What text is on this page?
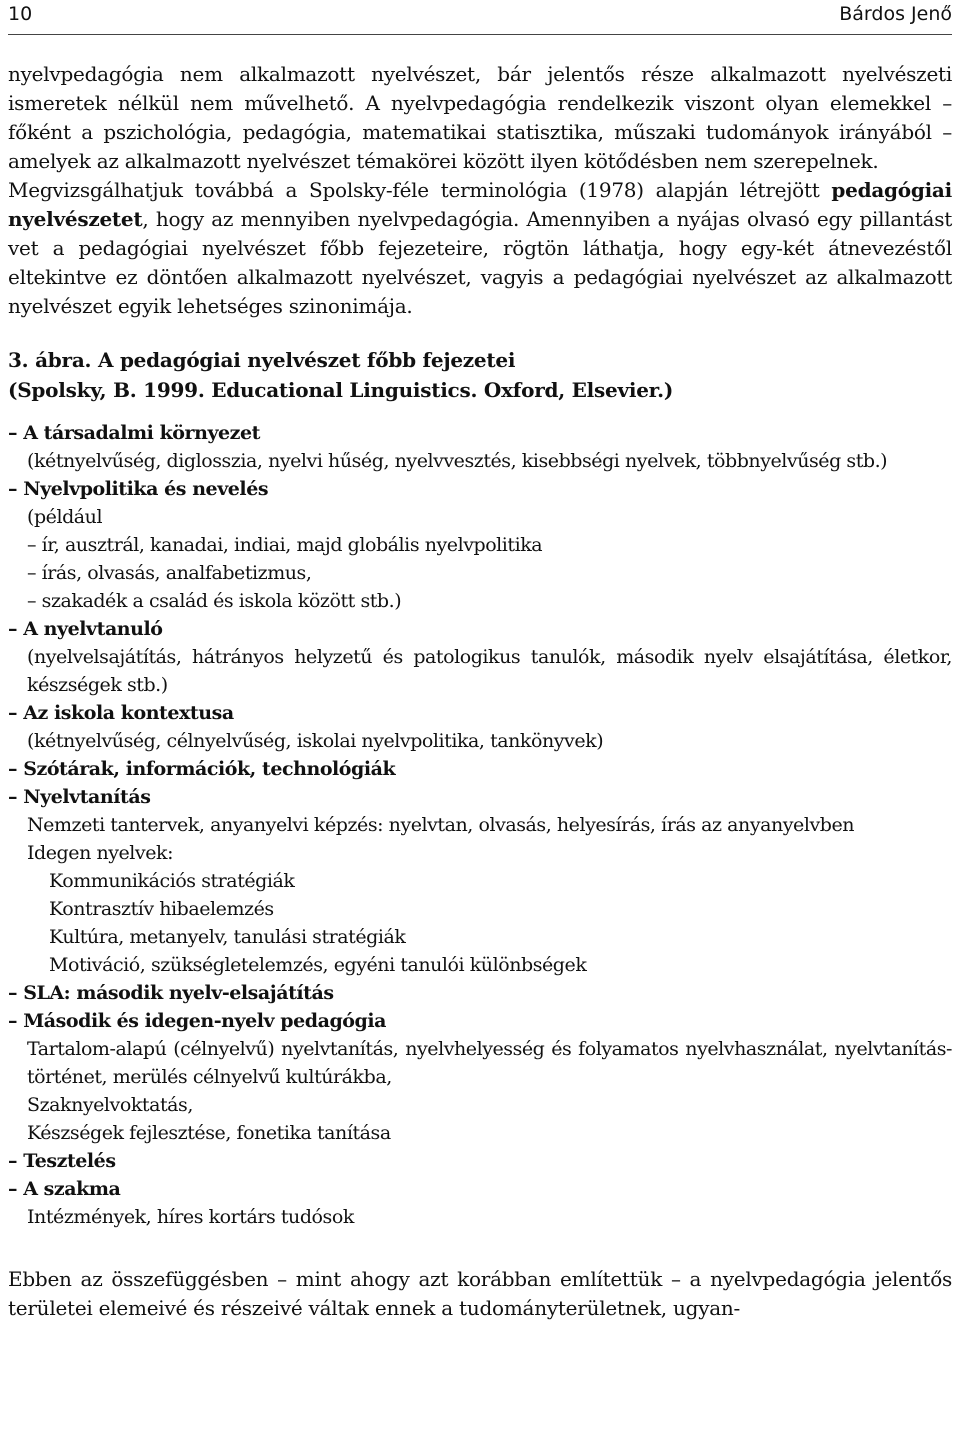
10	Bárdos Jenő

nyelvpedagógia nem alkalmazott nyelvészet, bár jelentős része alkalmazott nyelvészeti ismeretek nélkül nem művelhető. A nyelvpedagógia rendelkezik viszont olyan elemekkel – főként a pszichológia, pedagógia, matematikai statisztika, műszaki tudományok irányából – amelyek az alkalmazott nyelvészet témakörei között ilyen kötődésben nem szerepelnek.

Megvizsgálhatjuk továbbá a Spolsky-féle terminológia (1978) alapján létrejött pedagógiai nyelvészetet, hogy az mennyiben nyelvpedagógia. Amennyiben a nyájas olvasó egy pillantást vet a pedagógiai nyelvészet főbb fejezeteire, rögtön láthatja, hogy egy-két átnevezéstől eltekintve ez döntően alkalmazott nyelvészet, vagyis a pedagógiai nyelvészet az alkalmazott nyelvészet egyik lehetséges szinonimája.

3. ábra. A pedagógiai nyelvészet főbb fejezetei
(Spolsky, B. 1999. Educational Linguistics. Oxford, Elsevier.)
– A társadalmi környezet
(kétnyelvűség, diglosszia, nyelvi hűség, nyelvvesztés, kisebbségi nyelvek, többnyelvűség stb.)
– Nyelvpolitika és nevelés
(például
– ír, ausztrál, kanadai, indiai, majd globális nyelvpolitika
– írás, olvasás, analfabetizmus,
– szakadék a család és iskola között stb.)
– A nyelvtanuló
(nyelvelsajátítás, hátrányos helyzetű és patologikus tanulók, második nyelv elsajátítása, életkor, készségek stb.)
– Az iskola kontextusa
(kétnyelvűség, célnyelvűség, iskolai nyelvpolitika, tankönyvek)
– Szótárak, információk, technológiák
– Nyelvtanítás
Nemzeti tantervek, anyanyelvi képzés: nyelvtan, olvasás, helyesírás, írás az anyanyelvben
Idegen nyelvek:
Kommunikációs stratégiák
Kontrasztív hibaelemzés
Kultúra, metanyelv, tanulási stratégiák
Motiváció, szükségletelemzés, egyéni tanulói különbségek
– SLA: második nyelv-elsajátítás
– Második és idegen-nyelv pedagógia
Tartalom-alapú (célnyelvű) nyelvtanítás, nyelvhelyesség és folyamatos nyelvhasználat, nyelvtanítás-történet, merülés célnyelvű kultúrákba,
Szaknyelvoktatás,
Készségek fejlesztése, fonetika tanítása
– Tesztelés
– A szakma
Intézmények, híres kortárs tudósok

Ebben az összefüggésben – mint ahogy azt korábban említettük – a nyelvpedagógia jelentős területei elemeivé és részeivé váltak ennek a tudományterületnek, ugyan-
